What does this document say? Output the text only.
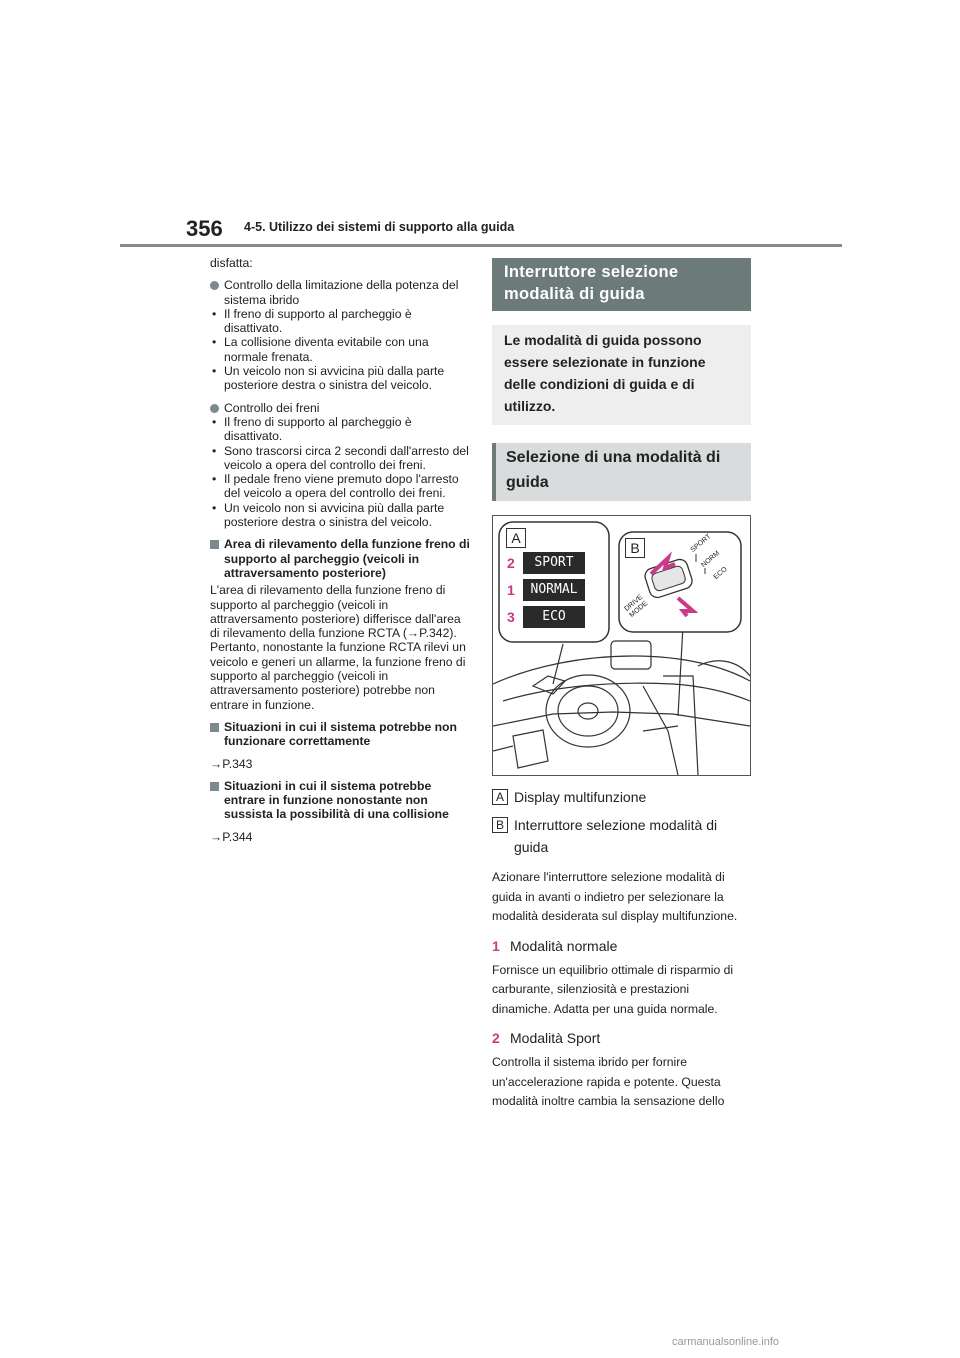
356 4-5. Utilizzo dei sistemi di supporto alla guida

disfatta:

Controllo della limitazione della potenza del sistema ibrido

• Il freno di supporto al parcheggio è disattivato.

• La collisione diventa evitabile con una normale frenata.

• Un veicolo non si avvicina più dalla parte posteriore destra o sinistra del veicolo.

Controllo dei freni

• Il freno di supporto al parcheggio è disattivato.

• Sono trascorsi circa 2 secondi dall'arresto del veicolo a opera del controllo dei freni.

• Il pedale freno viene premuto dopo l'arresto del veicolo a opera del controllo dei freni.

• Un veicolo non si avvicina più dalla parte posteriore destra o sinistra del veicolo.

Area di rilevamento della funzione freno di supporto al parcheggio (veicoli in attraversamento posteriore)

L'area di rilevamento della funzione freno di supporto al parcheggio (veicoli in attraversamento posteriore) differisce dall'area di rilevamento della funzione RCTA (→P.342). Pertanto, nonostante la funzione RCTA rilevi un veicolo e generi un allarme, la funzione freno di supporto al parcheggio (veicoli in attraversamento posteriore) potrebbe non entrare in funzione.

Situazioni in cui il sistema potrebbe non funzionare correttamente

→P.343

Situazioni in cui il sistema potrebbe entrare in funzione nonostante non sussista la possibilità di una collisione

→P.344

Interruttore selezione modalità di guida
Le modalità di guida possono essere selezionate in funzione delle condizioni di guida e di utilizzo.
Selezione di una modalità di guida
A
B
2	SPORT
1	NORMAL
3	ECO
SPORT
NORM
ECO
DRIVE MODE
A Display multifunzione
B Interruttore selezione modalità di guida
Azionare l'interruttore selezione modalità di guida in avanti o indietro per selezionare la modalità desiderata sul display multifunzione.
1 Modalità normale
Fornisce un equilibrio ottimale di risparmio di carburante, silenziosità e prestazioni dinamiche. Adatta per una guida normale.
2 Modalità Sport
Controlla il sistema ibrido per fornire un'accelerazione rapida e potente. Questa modalità inoltre cambia la sensazione dello
carmanualsonline.info
